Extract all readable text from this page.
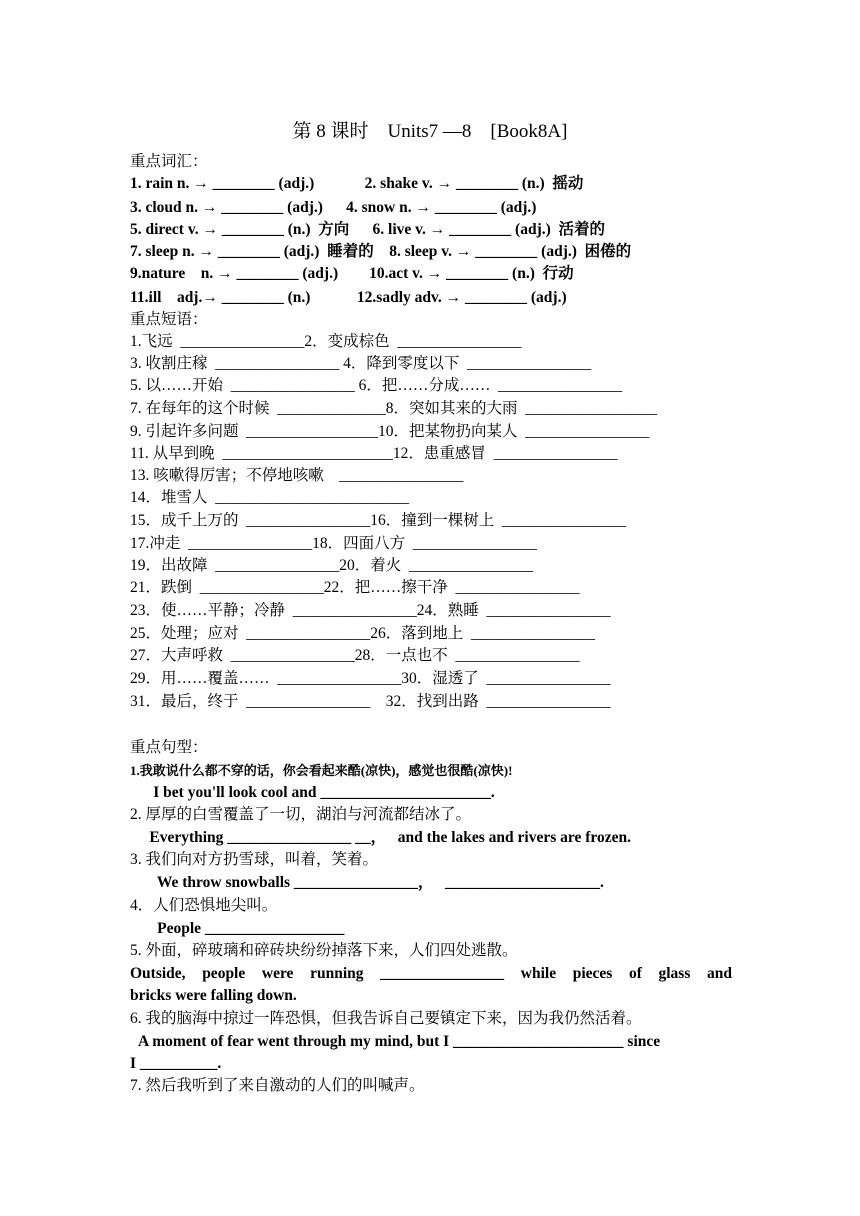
第 8 课时    Units7 —8    [Book8A]
重点词汇：
1. rain n. → ________ (adj.)             2. shake v. → ________ (n.)  摇动
3. cloud n. → ________ (adj.)      4. snow n. → ________ (adj.)
5. direct v. → ________ (n.)  方向      6. live v. → ________ (adj.)  活着的
7. sleep n. → ________ (adj.)  睡着的    8. sleep v. → ________ (adj.)  困倦的
9.nature    n. → ________ (adj.)        10.act v. → ________ (n.)  行动
11.ill    adj.→ ________ (n.)            12.sadly adv. → ________ (adj.)
重点短语：
1.飞远  ________________2．变成棕色  ________________
3. 收割庄稼  ________________ 4．降到零度以下  ________________
5. 以……开始  ________________ 6．把……分成……  ________________
7. 在每年的这个时候  ______________8．突如其来的大雨  _________________
9. 引起许多问题  _________________10．把某物扔向某人  ________________
11. 从早到晚  ______________________12．患重感冒  ________________
13. 咳嗽得厉害；不停地咳嗽    ________________
14．堆雪人  _________________________
15．成千上万的  ________________16．撞到一棵树上  ________________
17.冲走  ________________18．四面八方  ________________
19．出故障  ________________20．着火  ________________
21．跌倒  ________________22．把……擦干净  ________________
23．使……平静；冷静  ________________24．熟睡  ________________
25．处理；应对  ________________26．落到地上  ________________
27．大声呼救  ________________28．一点也不  ________________
29．用……覆盖……  ________________30．湿透了  ________________
31．最后，终于  ________________    32．找到出路  ________________
重点句型：
1.我敢说什么都不穿的话，你会看起来酷(凉快)，感觉也很酷(凉快)!
I bet you'll look cool and ______________________.
2. 厚厚的白雪覆盖了一切，湖泊与河流都结冰了。
Everything ________________ __，   and the lakes and rivers are frozen.
3. 我们向对方扔雪球，叫着，笑着。
We throw snowballs ________________，   ____________________.
4．人们恐惧地尖叫。
People __________________
5. 外面，碎玻璃和碎砖块纷纷掉落下来，人们四处逃散。
Outside,  people  were  running  ________________  while  pieces  of  glass  and
bricks were falling down.
6. 我的脑海中掠过一阵恐惧，但我告诉自己要镇定下来，因为我仍然活着。
A moment of fear went through my mind, but I ______________________ since
I __________.
7. 然后我听到了来自激动的人们的叫喊声。
